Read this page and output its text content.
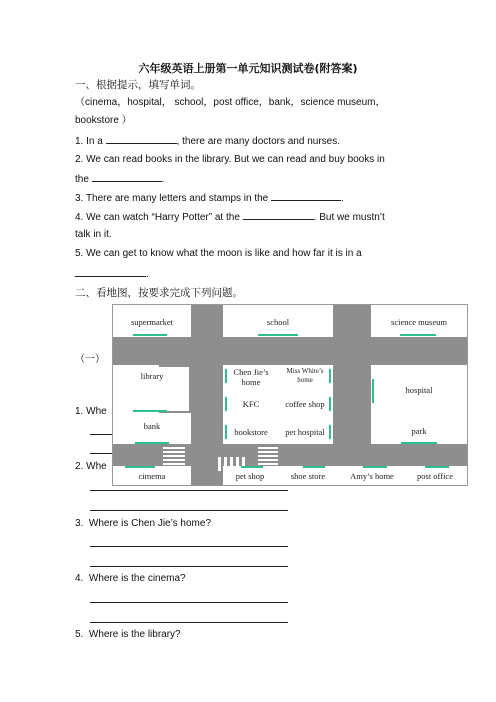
六年级英语上册第一单元知识测试卷(附答案)
一、根据提示，填写单词。
（cinema，hospital， school，post office，bank，science museum，
bookstore ）
1. In a	, there are many doctors and nurses.
2. We can read books in the library. But we can read and buy books in
the	.
3. There are many letters and stamps in the	.
4. We can watch “Harry Potter” at the	. But we mustn’t
talk in it.
5. We can get to know what the moon is like and how far it is in a
.
二、看地图，按要求完成下列问题。
（一）
1. Whe
2. Whe
3. Where is Chen Jie’s home?
4. Where is the cinema?
5. Where is the library?
supermarket	school	science museum
library
bank
Chen Jie’s
home
Miss White’s
home
KFC	coffee shop
bookstore	pet hospital
hospital
park
cimema	pet shop	shoe store	Amy’s home	post office
